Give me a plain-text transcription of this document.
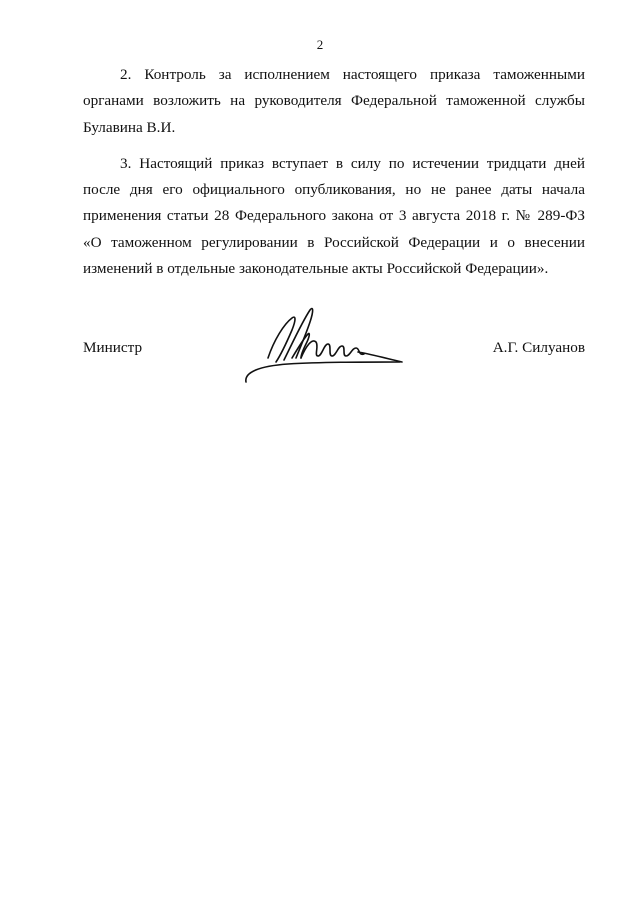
2

2. Контроль за исполнением настоящего приказа таможенными органами возложить на руководителя Федеральной таможенной службы Булавина В.И.

3. Настоящий приказ вступает в силу по истечении тридцати дней после дня его официального опубликования, но не ранее даты начала применения статьи 28 Федерального закона от 3 августа 2018 г. № 289-ФЗ «О таможенном регулировании в Российской Федерации и о внесении изменений в отдельные законодательные акты Российской Федерации».

Министр	А.Г. Силуанов
